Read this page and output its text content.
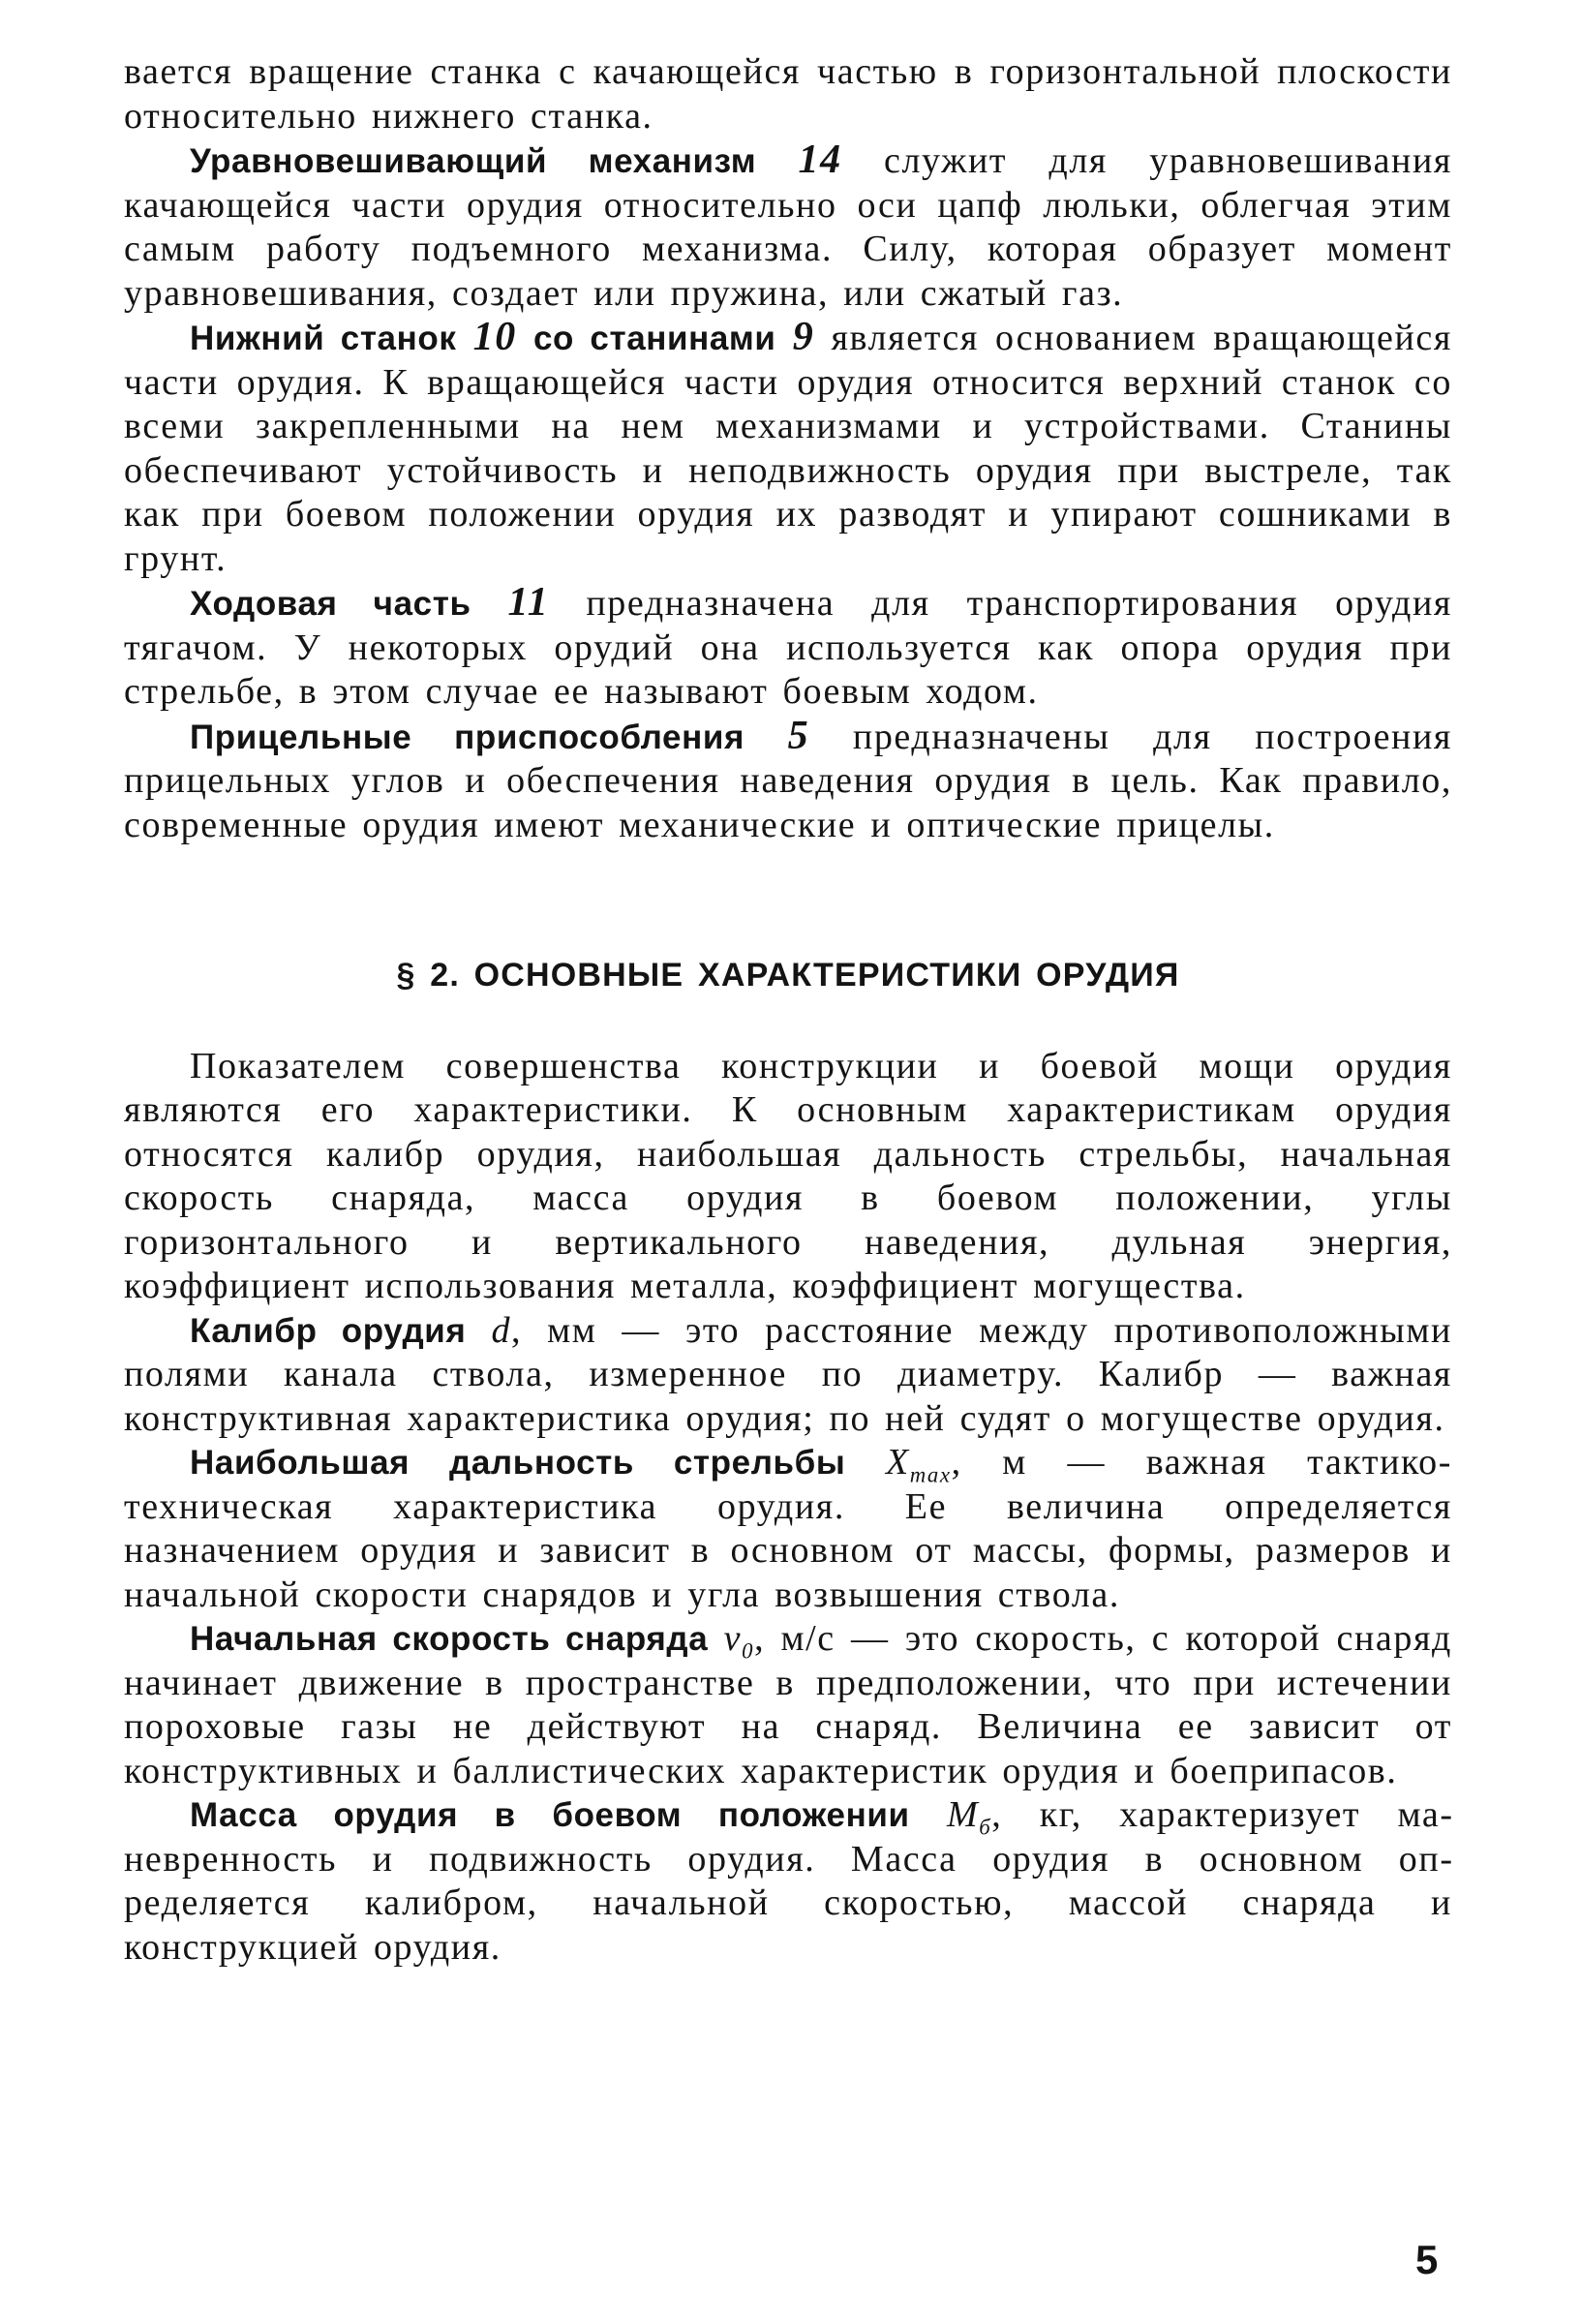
вается вращение станка с качающейся частью в горизонтальной плоскости относительно нижнего станка.

Уравновешивающий механизм 14 служит для уравновешивания качающейся части орудия относительно оси цапф люльки, облегчая этим самым работу подъемного механизма. Силу, которая образует момент уравновешивания, создает или пружина, или сжатый газ.

Нижний станок 10 со станинами 9 является основанием вращающейся части орудия. К вращающейся части орудия относится верхний станок со всеми закрепленными на нем механизмами и устройствами. Станины обеспечивают устойчивость и неподвижность орудия при выстреле, так как при боевом положении орудия их разводят и упирают сошниками в грунт.

Ходовая часть 11 предназначена для транспортирования орудия тягачом. У некоторых орудий она используется как опора орудия при стрельбе, в этом случае ее называют боевым ходом.

Прицельные приспособления 5 предназначены для построения прицельных углов и обеспечения наведения орудия в цель. Как правило, современные орудия имеют механические и оптические прицелы.

§ 2. ОСНОВНЫЕ ХАРАКТЕРИСТИКИ ОРУДИЯ

Показателем совершенства конструкции и боевой мощи орудия являются его характеристики. К основным характеристикам орудия относятся калибр орудия, наибольшая дальность стрельбы, начальная скорость снаряда, масса орудия в боевом положении, углы горизонтального и вертикального наведения, дульная энергия, коэффициент использования металла, коэффициент могущества.

Калибр орудия d, мм — это расстояние между противоположными полями канала ствола, измеренное по диаметру. Калибр — важная конструктивная характеристика орудия; по ней судят о могуществе орудия.

Наибольшая дальность стрельбы $X_{max}$, м — важная тактико-техническая характеристика орудия. Ее величина определяется назначением орудия и зависит в основном от массы, формы, размеров и начальной скорости снарядов и угла возвышения ствола.

Начальная скорость снаряда $v_0$, м/с — это скорость, с которой снаряд начинает движение в пространстве в предположении, что при истечении пороховые газы не действуют на снаряд. Величина ее зависит от конструктивных и баллистических характеристик орудия и боеприпасов.

Масса орудия в боевом положении $M_б$, кг, характеризует маневренность и подвижность орудия. Масса орудия в основном определяется калибром, начальной скоростью, массой снаряда и конструкцией орудия.

5
